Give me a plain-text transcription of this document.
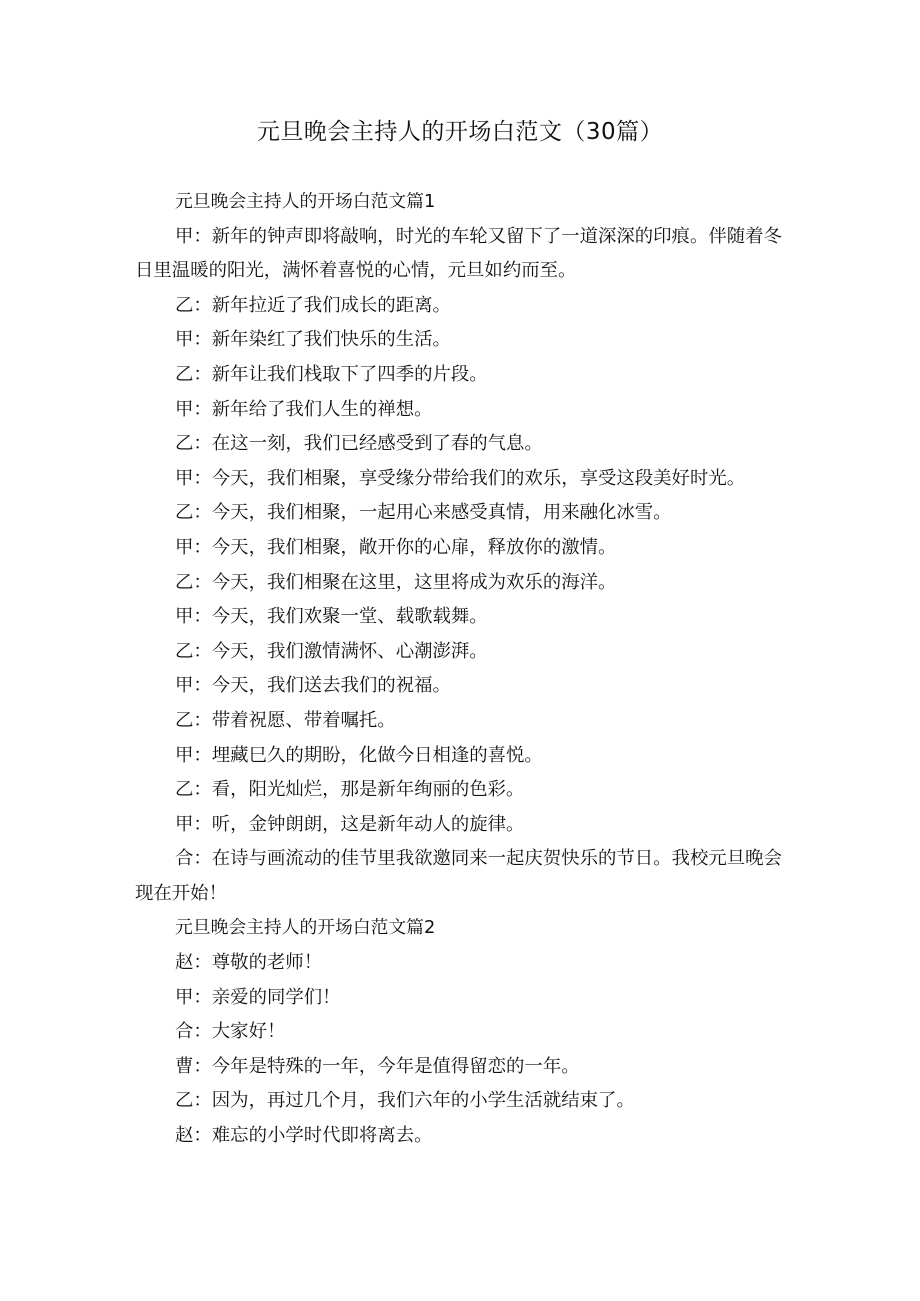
元旦晚会主持人的开场白范文（30篇）
元旦晚会主持人的开场白范文篇1
甲：新年的钟声即将敲响，时光的车轮又留下了一道深深的印痕。伴随着冬日里温暖的阳光，满怀着喜悦的心情，元旦如约而至。
乙：新年拉近了我们成长的距离。
甲：新年染红了我们快乐的生活。
乙：新年让我们栈取下了四季的片段。
甲：新年给了我们人生的禅想。
乙：在这一刻，我们已经感受到了春的气息。
甲：今天，我们相聚，享受缘分带给我们的欢乐，享受这段美好时光。
乙：今天，我们相聚，一起用心来感受真情，用来融化冰雪。
甲：今天，我们相聚，敞开你的心扉，释放你的激情。
乙：今天，我们相聚在这里，这里将成为欢乐的海洋。
甲：今天，我们欢聚一堂、载歌载舞。
乙：今天，我们激情满怀、心潮澎湃。
甲：今天，我们送去我们的祝福。
乙：带着祝愿、带着嘱托。
甲：埋藏巳久的期盼，化做今日相逢的喜悦。
乙：看，阳光灿烂，那是新年绚丽的色彩。
甲：听，金钟朗朗，这是新年动人的旋律。
合：在诗与画流动的佳节里我欲邀同来一起庆贺快乐的节日。我校元旦晚会现在开始！
元旦晚会主持人的开场白范文篇2
赵：尊敬的老师！
甲：亲爱的同学们！
合：大家好！
曹：今年是特殊的一年，今年是值得留恋的一年。
乙：因为，再过几个月，我们六年的小学生活就结束了。
赵：难忘的小学时代即将离去。
